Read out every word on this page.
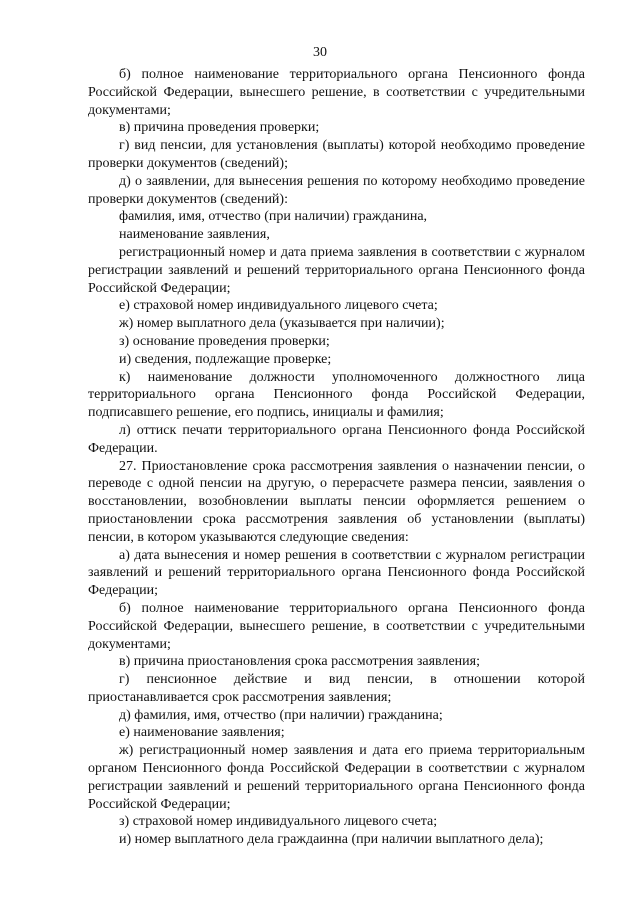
30

б) полное наименование территориального органа Пенсионного фонда Российской Федерации, вынесшего решение, в соответствии с учредительными документами;

в) причина проведения проверки;

г) вид пенсии, для установления (выплаты) которой необходимо проведение проверки документов (сведений);

д) о заявлении, для вынесения решения по которому необходимо проведение проверки документов (сведений):

фамилия, имя, отчество (при наличии) гражданина,

наименование заявления,

регистрационный номер и дата приема заявления в соответствии с журналом регистрации заявлений и решений территориального органа Пенсионного фонда Российской Федерации;

е) страховой номер индивидуального лицевого счета;

ж) номер выплатного дела (указывается при наличии);

з) основание проведения проверки;

и) сведения, подлежащие проверке;

к) наименование должности уполномоченного должностного лица территориального органа Пенсионного фонда Российской Федерации, подписавшего решение, его подпись, инициалы и фамилия;

л) оттиск печати территориального органа Пенсионного фонда Российской Федерации.

27. Приостановление срока рассмотрения заявления о назначении пенсии, о переводе с одной пенсии на другую, о перерасчете размера пенсии, заявления о восстановлении, возобновлении выплаты пенсии оформляется решением о приостановлении срока рассмотрения заявления об установлении (выплаты) пенсии, в котором указываются следующие сведения:

а) дата вынесения и номер решения в соответствии с журналом регистрации заявлений и решений территориального органа Пенсионного фонда Российской Федерации;

б) полное наименование территориального органа Пенсионного фонда Российской Федерации, вынесшего решение, в соответствии с учредительными документами;

в) причина приостановления срока рассмотрения заявления;

г) пенсионное действие и вид пенсии, в отношении которой приостанавливается срок рассмотрения заявления;

д) фамилия, имя, отчество (при наличии) гражданина;

е) наименование заявления;

ж) регистрационный номер заявления и дата его приема территориальным органом Пенсионного фонда Российской Федерации в соответствии с журналом регистрации заявлений и решений территориального органа Пенсионного фонда Российской Федерации;

з) страховой номер индивидуального лицевого счета;

и) номер выплатного дела граждаинна (при наличии выплатного дела);
